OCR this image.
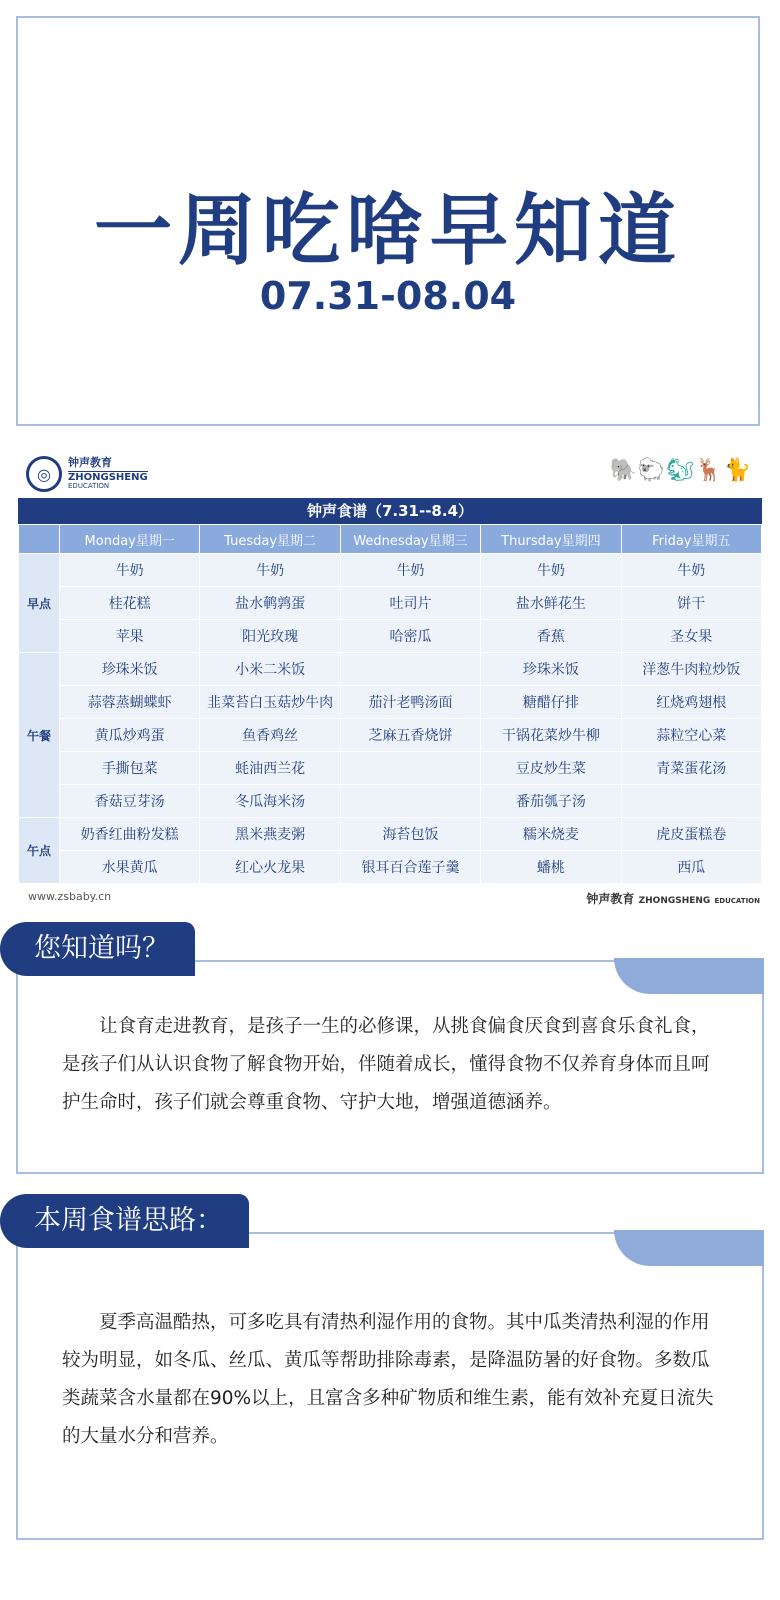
一周吃啥早知道
07.31-08.04
◎
钟声教育
ZHONGSHENG
EDUCATION
🐘🐑🐿🦌🐈
钟声食谱（7.31--8.4）
	Monday星期一	Tuesday星期二	Wednesday星期三	Thursday星期四	Friday星期五
早点	牛奶	牛奶	牛奶	牛奶	牛奶
	桂花糕	盐水鹌鹑蛋	吐司片	盐水鲜花生	饼干
	苹果	阳光玫瑰	哈密瓜	香蕉	圣女果
午餐	珍珠米饭	小米二米饭		珍珠米饭	洋葱牛肉粒炒饭
	蒜蓉蒸蝴蝶虾	韭菜苔白玉菇炒牛肉	茄汁老鸭汤面	糖醋仔排	红烧鸡翅根
	黄瓜炒鸡蛋	鱼香鸡丝	芝麻五香烧饼	干锅花菜炒牛柳	蒜粒空心菜
	手撕包菜	蚝油西兰花		豆皮炒生菜	青菜蛋花汤
	香菇豆芽汤	冬瓜海米汤		番茄瓠子汤	
午点	奶香红曲粉发糕	黑米燕麦粥	海苔包饭	糯米烧麦	虎皮蛋糕卷
	水果黄瓜	红心火龙果	银耳百合莲子羹	蟠桃	西瓜
www.zsbaby.cn	钟声教育 ZHONGSHENG EDUCATION
您知道吗？
让食育走进教育，是孩子一生的必修课，从挑食偏食厌食到喜食乐食礼食，是孩子们从认识食物了解食物开始，伴随着成长，懂得食物不仅养育身体而且呵护生命时，孩子们就会尊重食物、守护大地，增强道德涵养。
本周食谱思路：
夏季高温酷热，可多吃具有清热利湿作用的食物。其中瓜类清热利湿的作用较为明显，如冬瓜、丝瓜、黄瓜等帮助排除毒素，是降温防暑的好食物。多数瓜类蔬菜含水量都在90%以上，且富含多种矿物质和维生素，能有效补充夏日流失的大量水分和营养。
